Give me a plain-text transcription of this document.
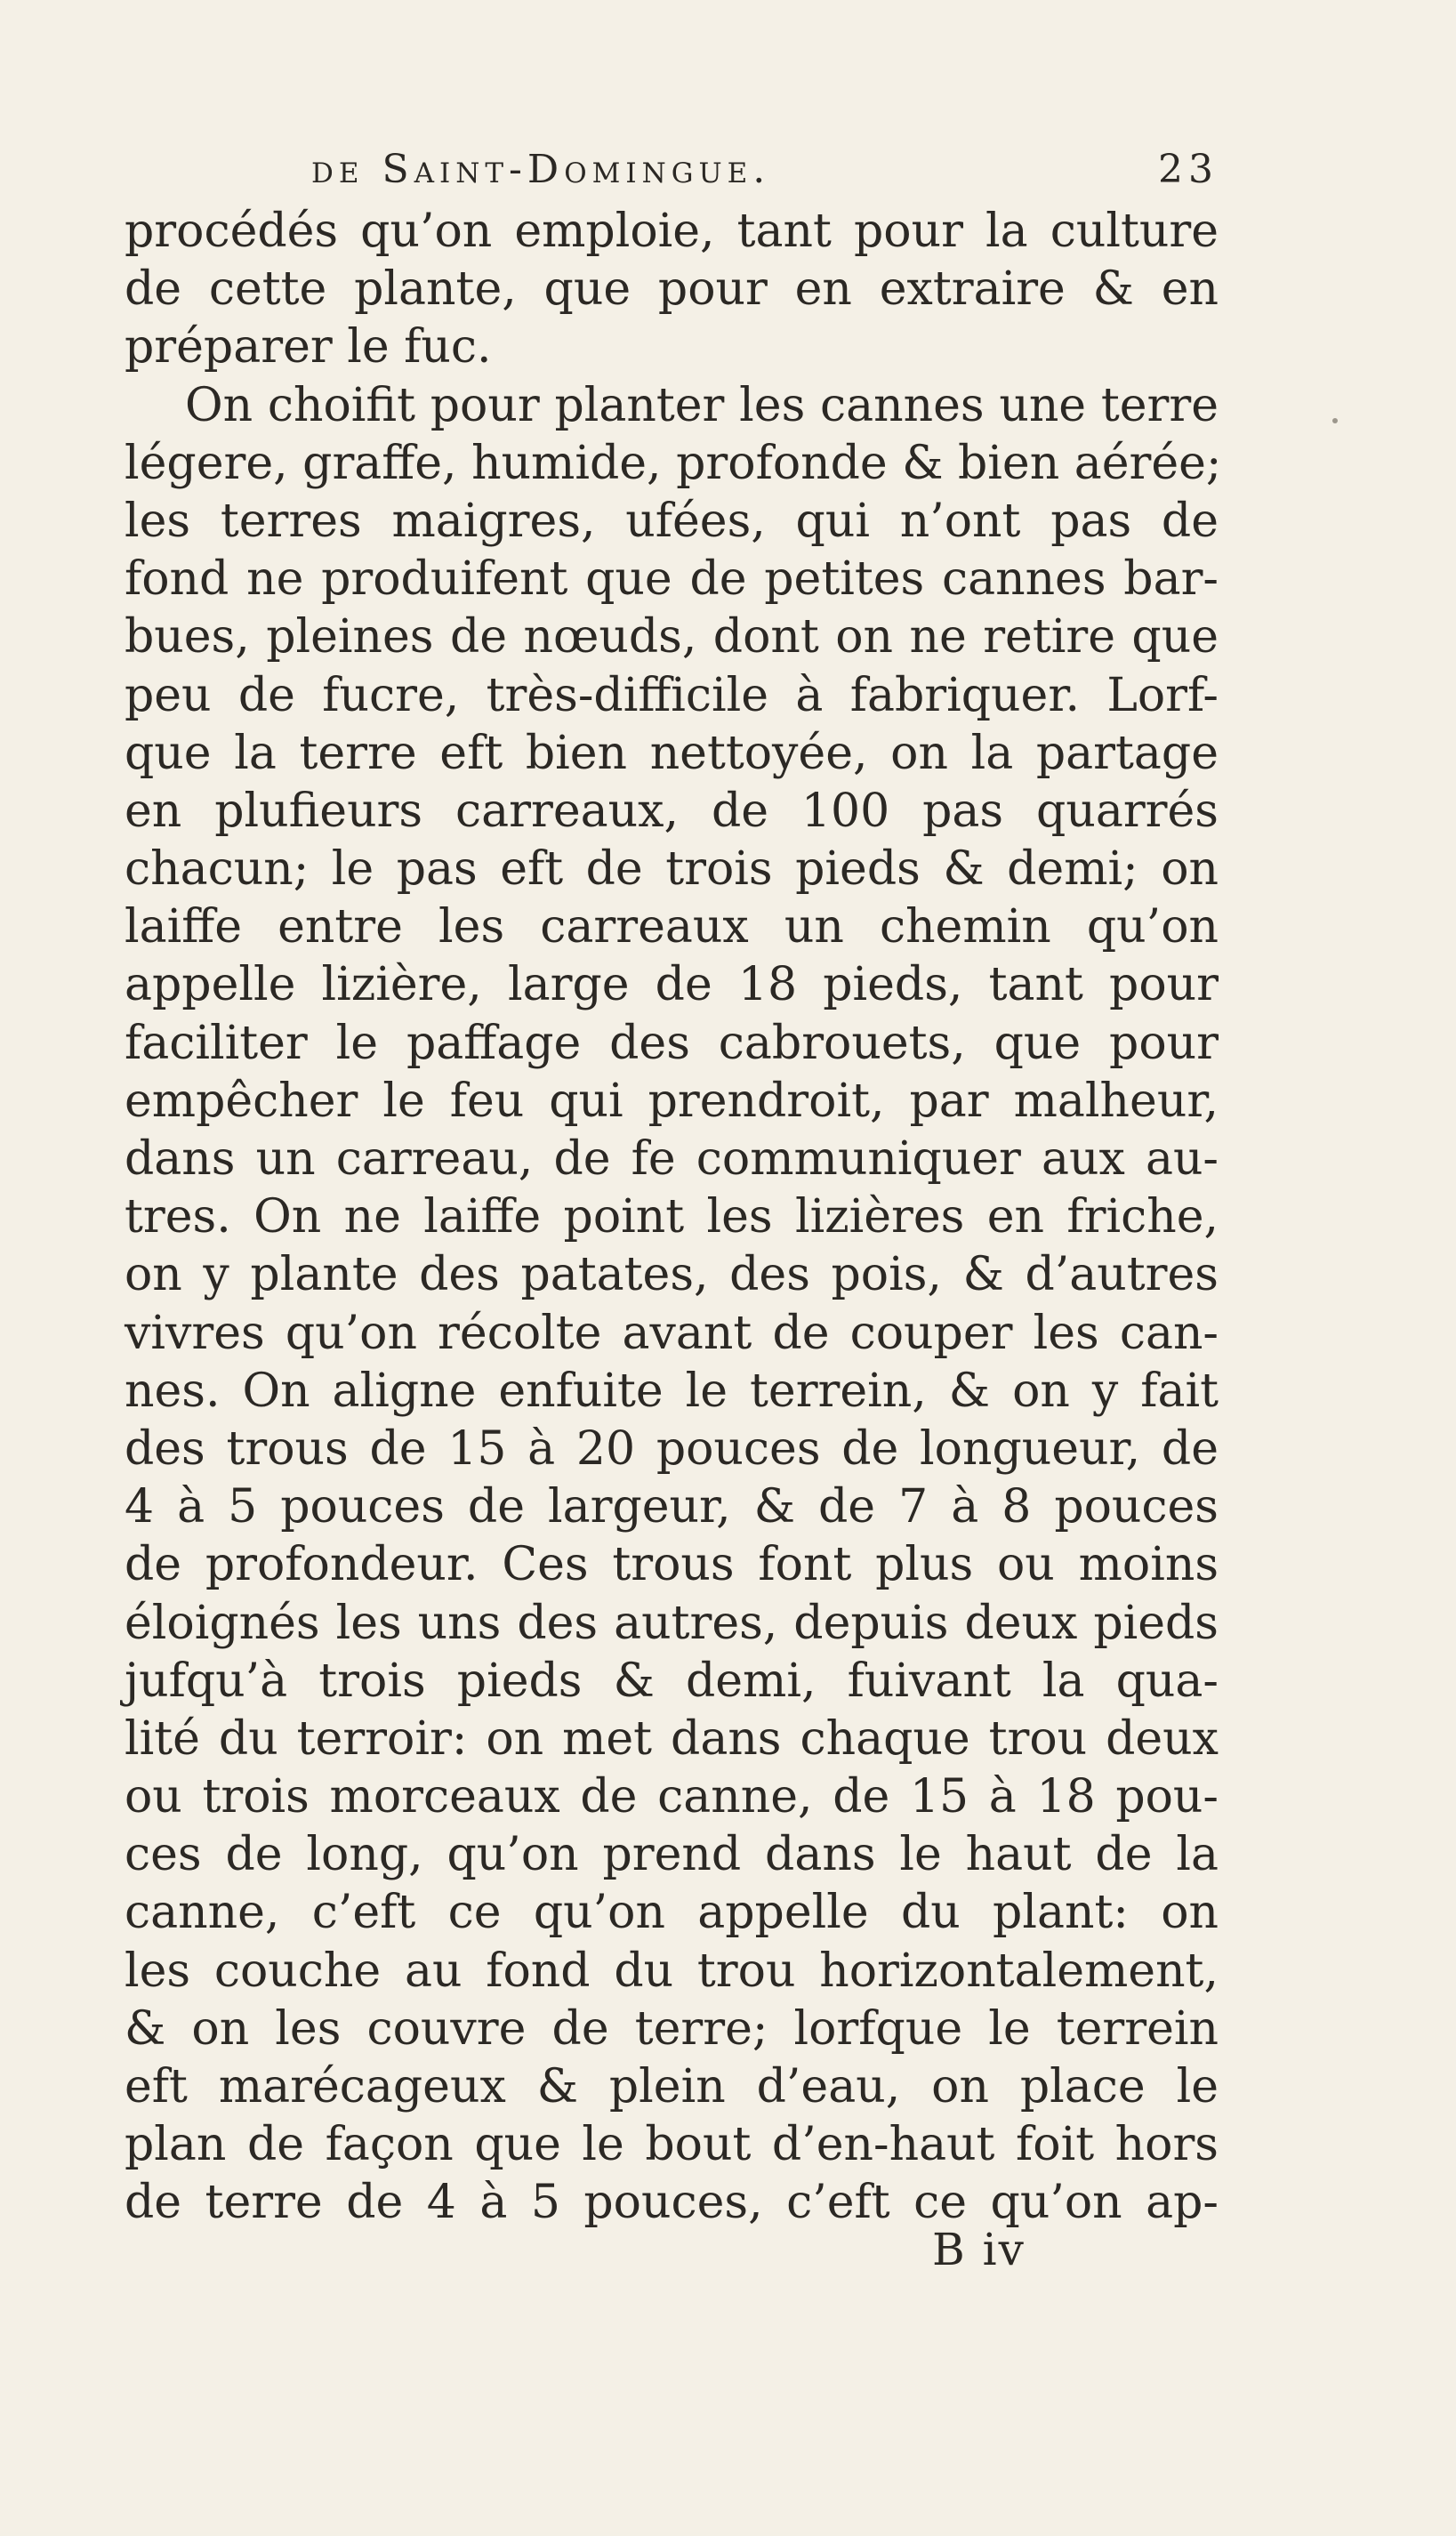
de Saint-Domingue.	23
procédés qu’on emploie, tant pour la culture
de cette plante, que pour en extraire & en
préparer le fuc.
On choifit pour planter les cannes une terre
légere, graffe, humide, profonde & bien aérée;
les terres maigres, ufées, qui n’ont pas de
fond ne produifent que de petites cannes bar-
bues, pleines de nœuds, dont on ne retire que
peu de fucre, très-difficile à fabriquer. Lorf-
que la terre eft bien nettoyée, on la partage
en plufieurs carreaux, de 100 pas quarrés
chacun; le pas eft de trois pieds & demi; on
laiffe entre les carreaux un chemin qu’on
appelle lizière, large de 18 pieds, tant pour
faciliter le paffage des cabrouets, que pour
empêcher le feu qui prendroit, par malheur,
dans un carreau, de fe communiquer aux au-
tres. On ne laiffe point les lizières en friche,
on y plante des patates, des pois, & d’autres
vivres qu’on récolte avant de couper les can-
nes. On aligne enfuite le terrein, & on y fait
des trous de 15 à 20 pouces de longueur, de
4 à 5 pouces de largeur, & de 7 à 8 pouces
de profondeur. Ces trous font plus ou moins
éloignés les uns des autres, depuis deux pieds
jufqu’à trois pieds & demi, fuivant la qua-
lité du terroir: on met dans chaque trou deux
ou trois morceaux de canne, de 15 à 18 pou-
ces de long, qu’on prend dans le haut de la
canne, c’eft ce qu’on appelle du plant: on
les couche au fond du trou horizontalement,
& on les couvre de terre; lorfque le terrein
eft marécageux & plein d’eau, on place le
plan de façon que le bout d’en-haut foit hors
de terre de 4 à 5 pouces, c’eft ce qu’on ap-
B iv
